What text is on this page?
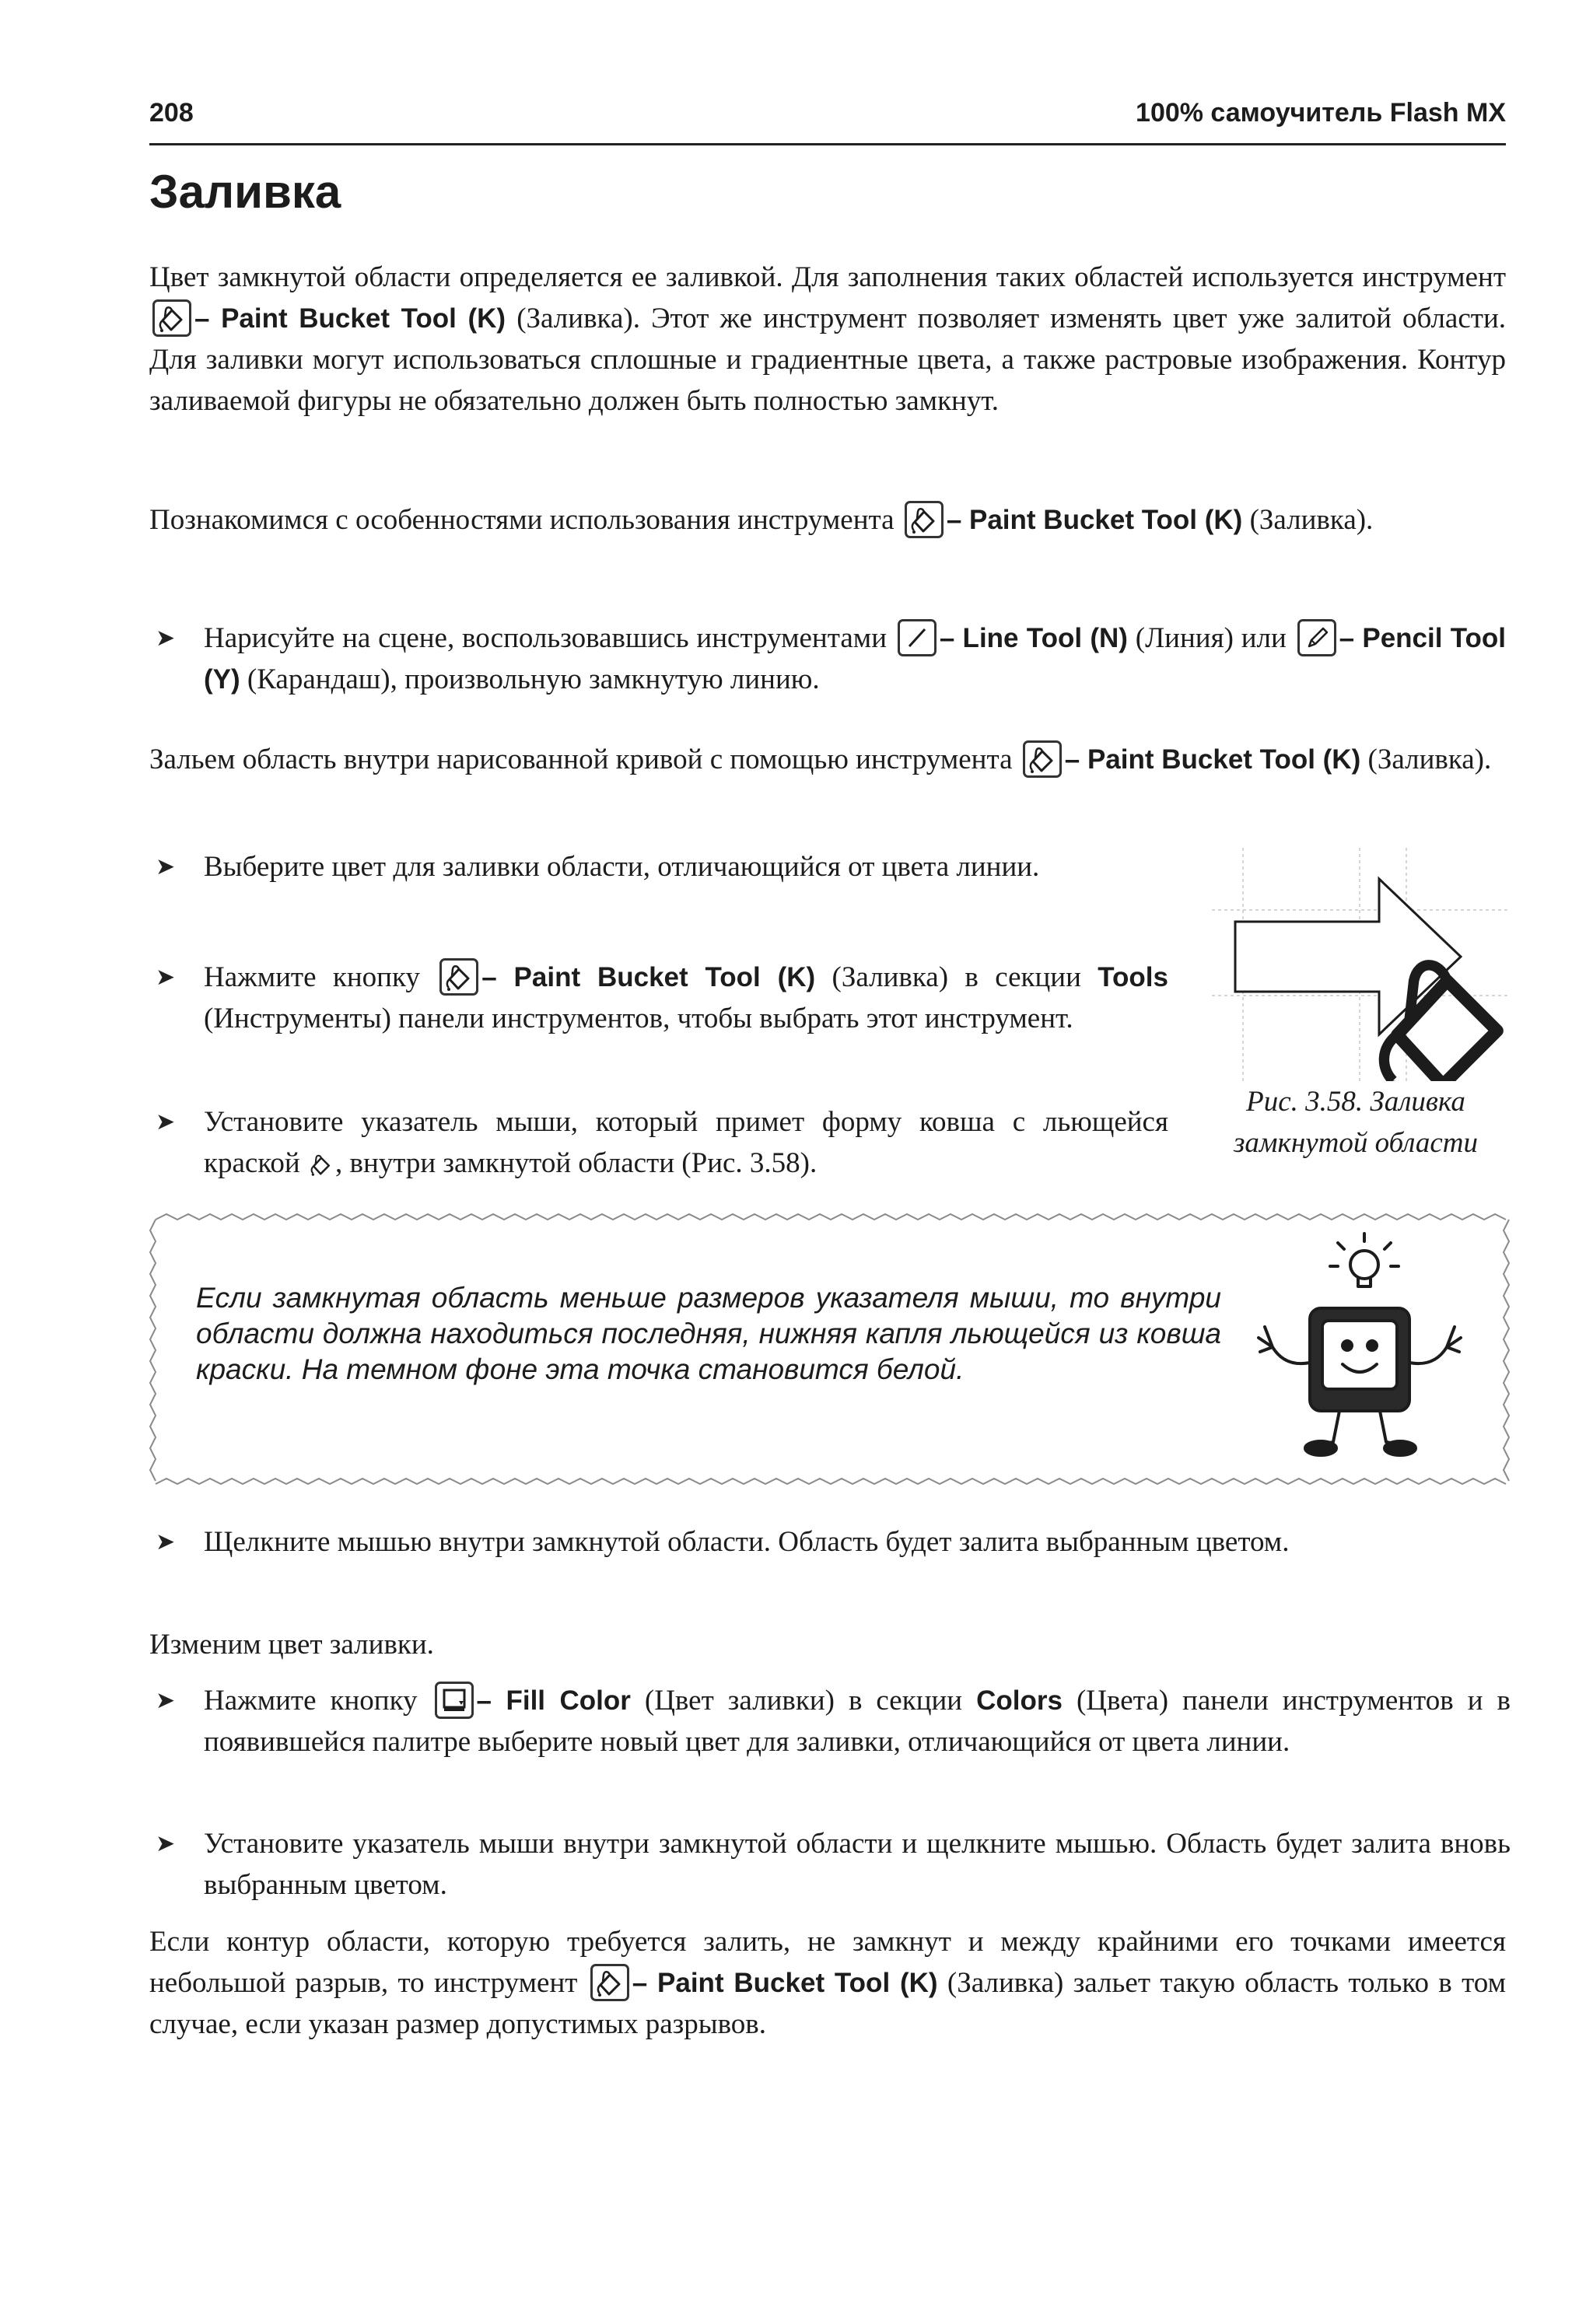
208	100% самоучитель Flash MX
Заливка

Цвет замкнутой области определяется ее заливкой. Для заполнения таких областей используется инструмент
– Paint Bucket Tool (K) (Заливка). Этот же инструмент позволяет изменять цвет уже залитой области. Для заливки могут использоваться сплошные и градиентные цвета, а также растровые изображения. Контур заливаемой фигуры не обязательно должен быть полностью замкнут.

Познакомимся с особенностями использования инструмента
– Paint Bucket Tool (K) (Заливка).

➤ Нарисуйте на сцене, воспользовавшись инструментами
– Line Tool (N) (Линия) или
– Pencil Tool (Y) (Карандаш), произвольную замкнутую линию.

Зальем область внутри нарисованной кривой с помощью инструмента
– Paint Bucket Tool (K) (Заливка).

➤ Выберите цвет для заливки области, отличающийся от цвета линии.

➤ Нажмите кнопку
– Paint Bucket Tool (K) (Заливка) в секции Tools (Инструменты) панели инструментов, чтобы выбрать этот инструмент.

➤ Установите указатель мыши, который примет форму ковша с льющейся краской
, внутри замкнутой области (Рис. 3.58).

Рис. 3.58. Заливка
замкнутой области

Если замкнутая область меньше размеров указателя мыши, то внутри области должна находиться последняя, нижняя капля льющейся из ковша краски. На темном фоне эта точка становится белой.

➤ Щелкните мышью внутри замкнутой области. Область будет залита выбранным цветом.

Изменим цвет заливки.

➤ Нажмите кнопку
– Fill Color (Цвет заливки) в секции Colors (Цвета) панели инструментов и в появившейся палитре выберите новый цвет для заливки, отличающийся от цвета линии.

➤ Установите указатель мыши внутри замкнутой области и щелкните мышью. Область будет залита вновь выбранным цветом.

Если контур области, которую требуется залить, не замкнут и между крайними его точками имеется небольшой разрыв, то инструмент
– Paint Bucket Tool (K) (Заливка) зальет такую область только в том случае, если указан размер допустимых разрывов.
